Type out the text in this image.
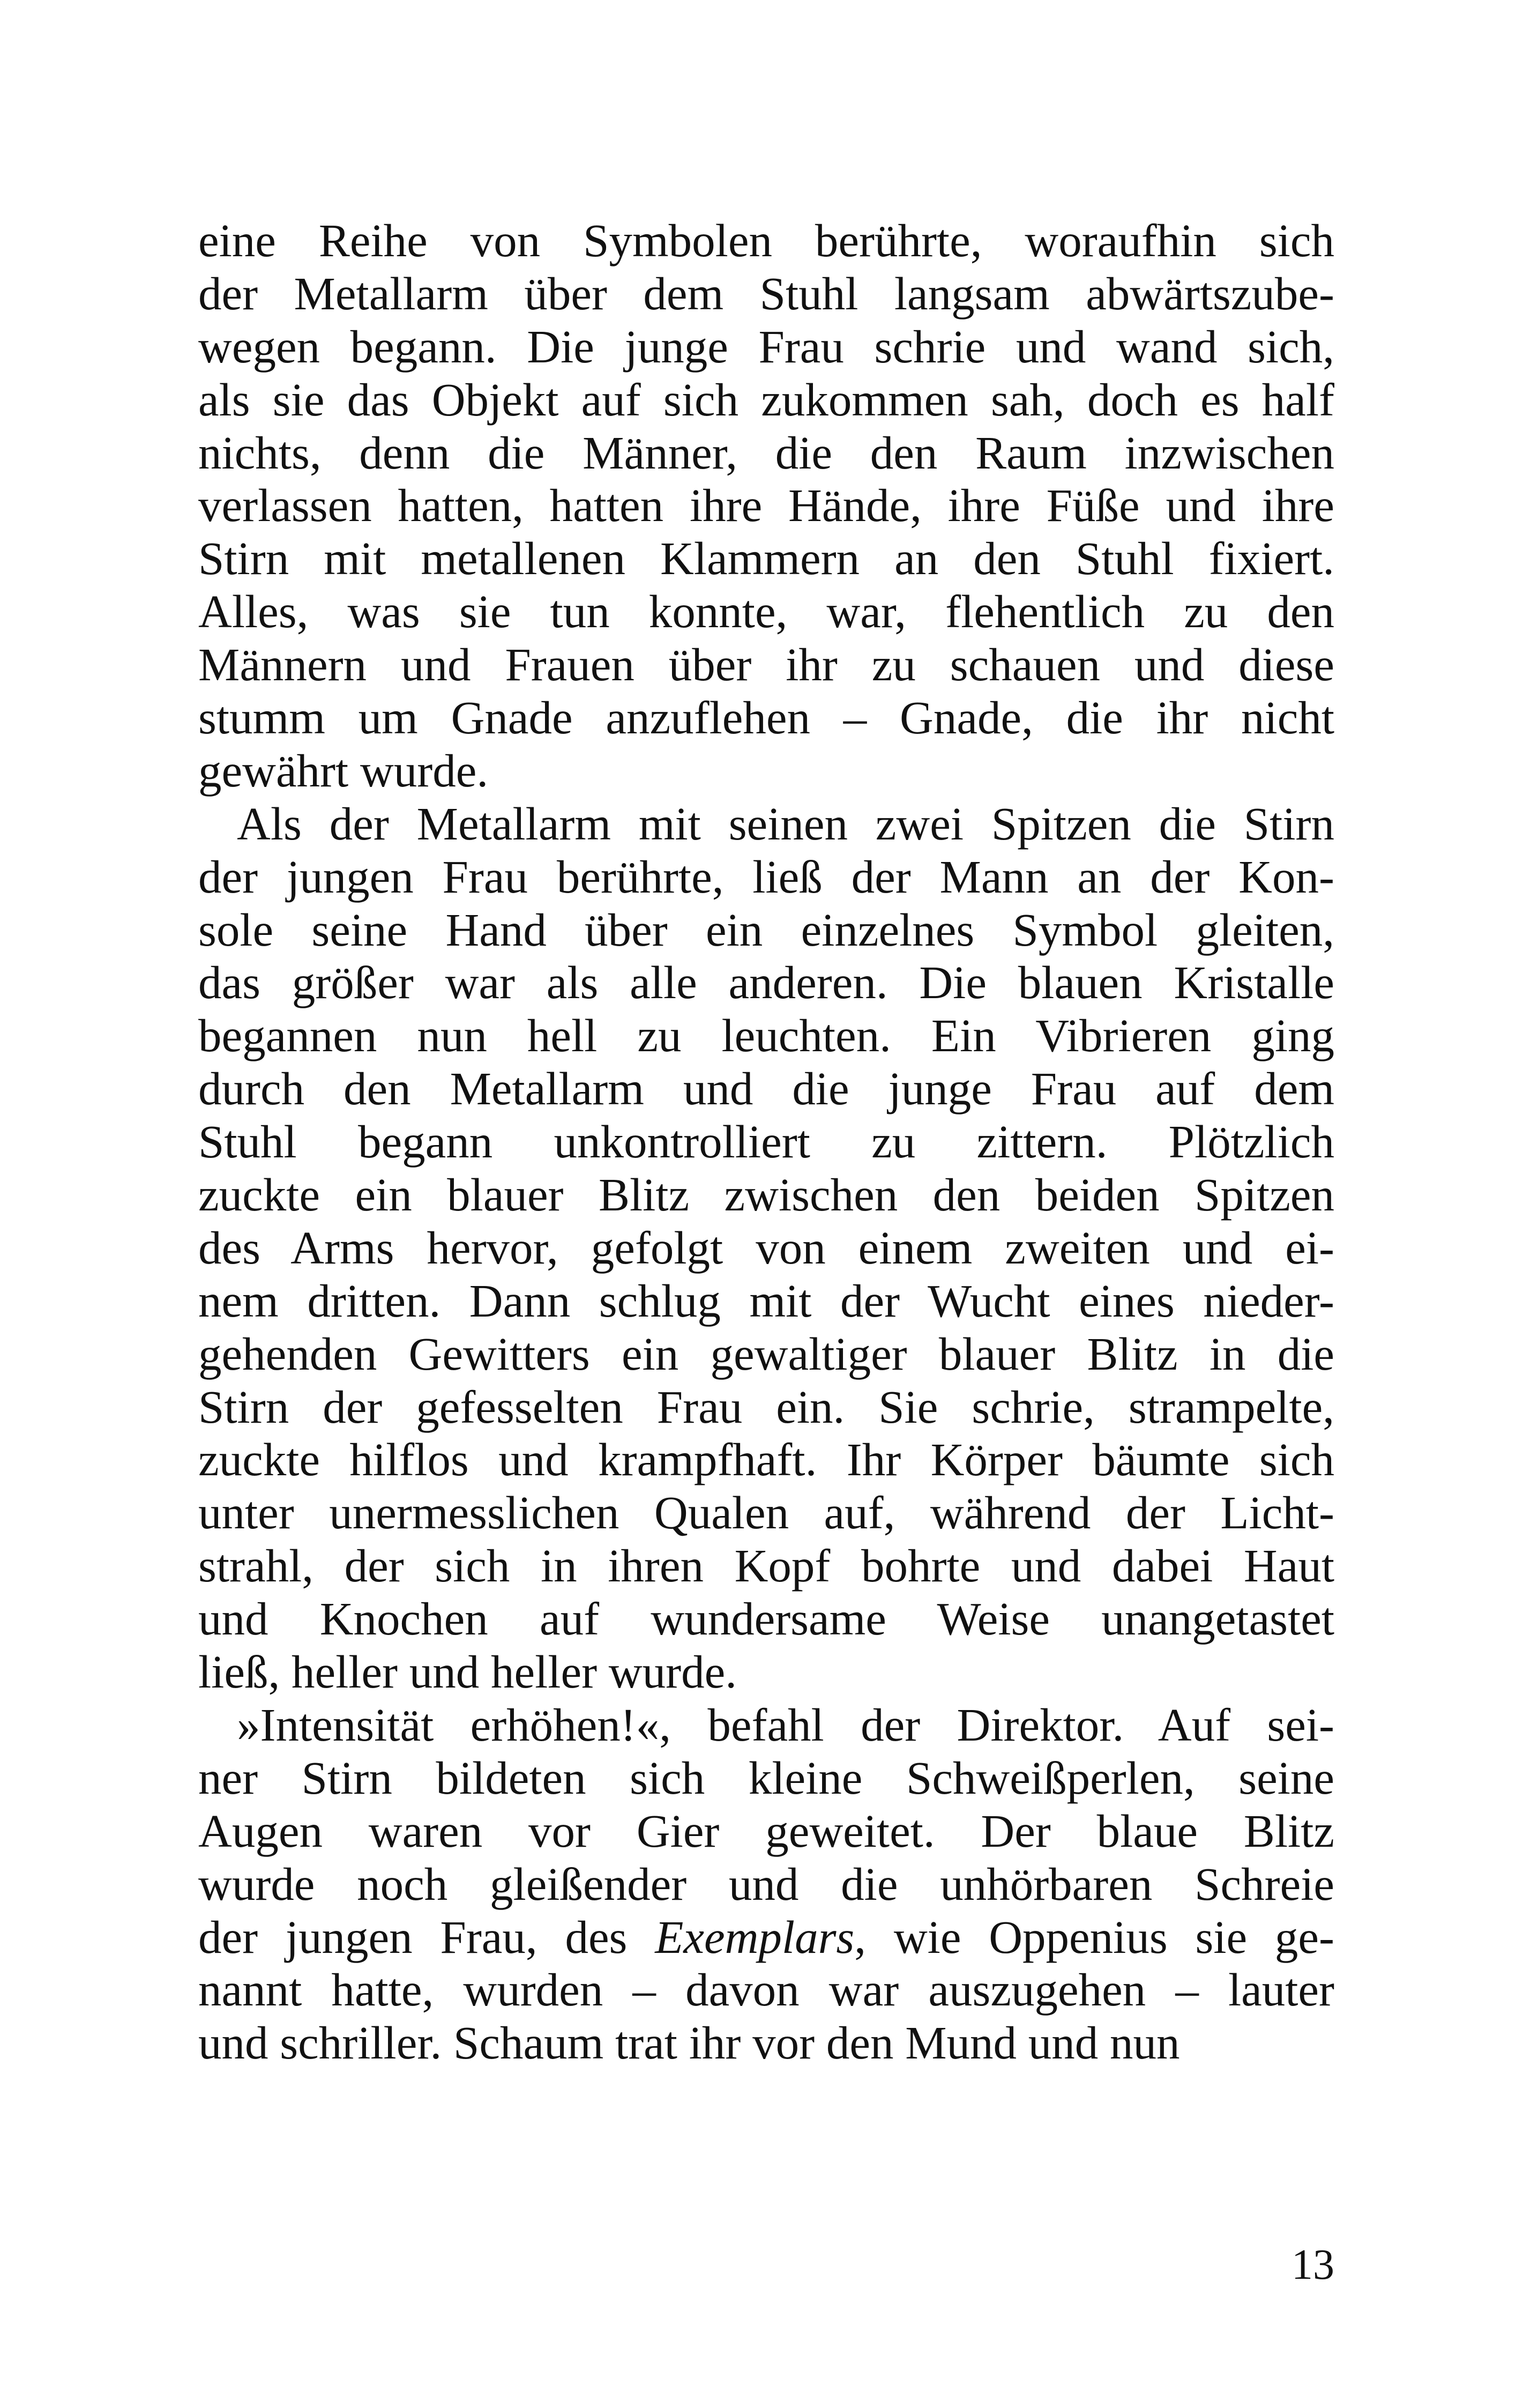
eine Reihe von Symbolen berührte, woraufhin sich
der Metallarm über dem Stuhl langsam abwärtszube-
wegen begann. Die junge Frau schrie und wand sich,
als sie das Objekt auf sich zukommen sah, doch es half
nichts, denn die Männer, die den Raum inzwischen
verlassen hatten, hatten ihre Hände, ihre Füße und ihre
Stirn mit metallenen Klammern an den Stuhl fixiert.
Alles, was sie tun konnte, war, flehentlich zu den
Männern und Frauen über ihr zu schauen und diese
stumm um Gnade anzuflehen – Gnade, die ihr nicht
gewährt wurde.

Als der Metallarm mit seinen zwei Spitzen die Stirn
der jungen Frau berührte, ließ der Mann an der Kon-
sole seine Hand über ein einzelnes Symbol gleiten,
das größer war als alle anderen. Die blauen Kristalle
begannen nun hell zu leuchten. Ein Vibrieren ging
durch den Metallarm und die junge Frau auf dem
Stuhl begann unkontrolliert zu zittern. Plötzlich
zuckte ein blauer Blitz zwischen den beiden Spitzen
des Arms hervor, gefolgt von einem zweiten und ei-
nem dritten. Dann schlug mit der Wucht eines nieder-
gehenden Gewitters ein gewaltiger blauer Blitz in die
Stirn der gefesselten Frau ein. Sie schrie, strampelte,
zuckte hilflos und krampfhaft. Ihr Körper bäumte sich
unter unermesslichen Qualen auf, während der Licht-
strahl, der sich in ihren Kopf bohrte und dabei Haut
und Knochen auf wundersame Weise unangetastet
ließ, heller und heller wurde.

»Intensität erhöhen!«, befahl der Direktor. Auf sei-
ner Stirn bildeten sich kleine Schweißperlen, seine
Augen waren vor Gier geweitet. Der blaue Blitz
wurde noch gleißender und die unhörbaren Schreie
der jungen Frau, des Exemplars, wie Oppenius sie ge-
nannt hatte, wurden – davon war auszugehen – lauter
und schriller. Schaum trat ihr vor den Mund und nun

13
